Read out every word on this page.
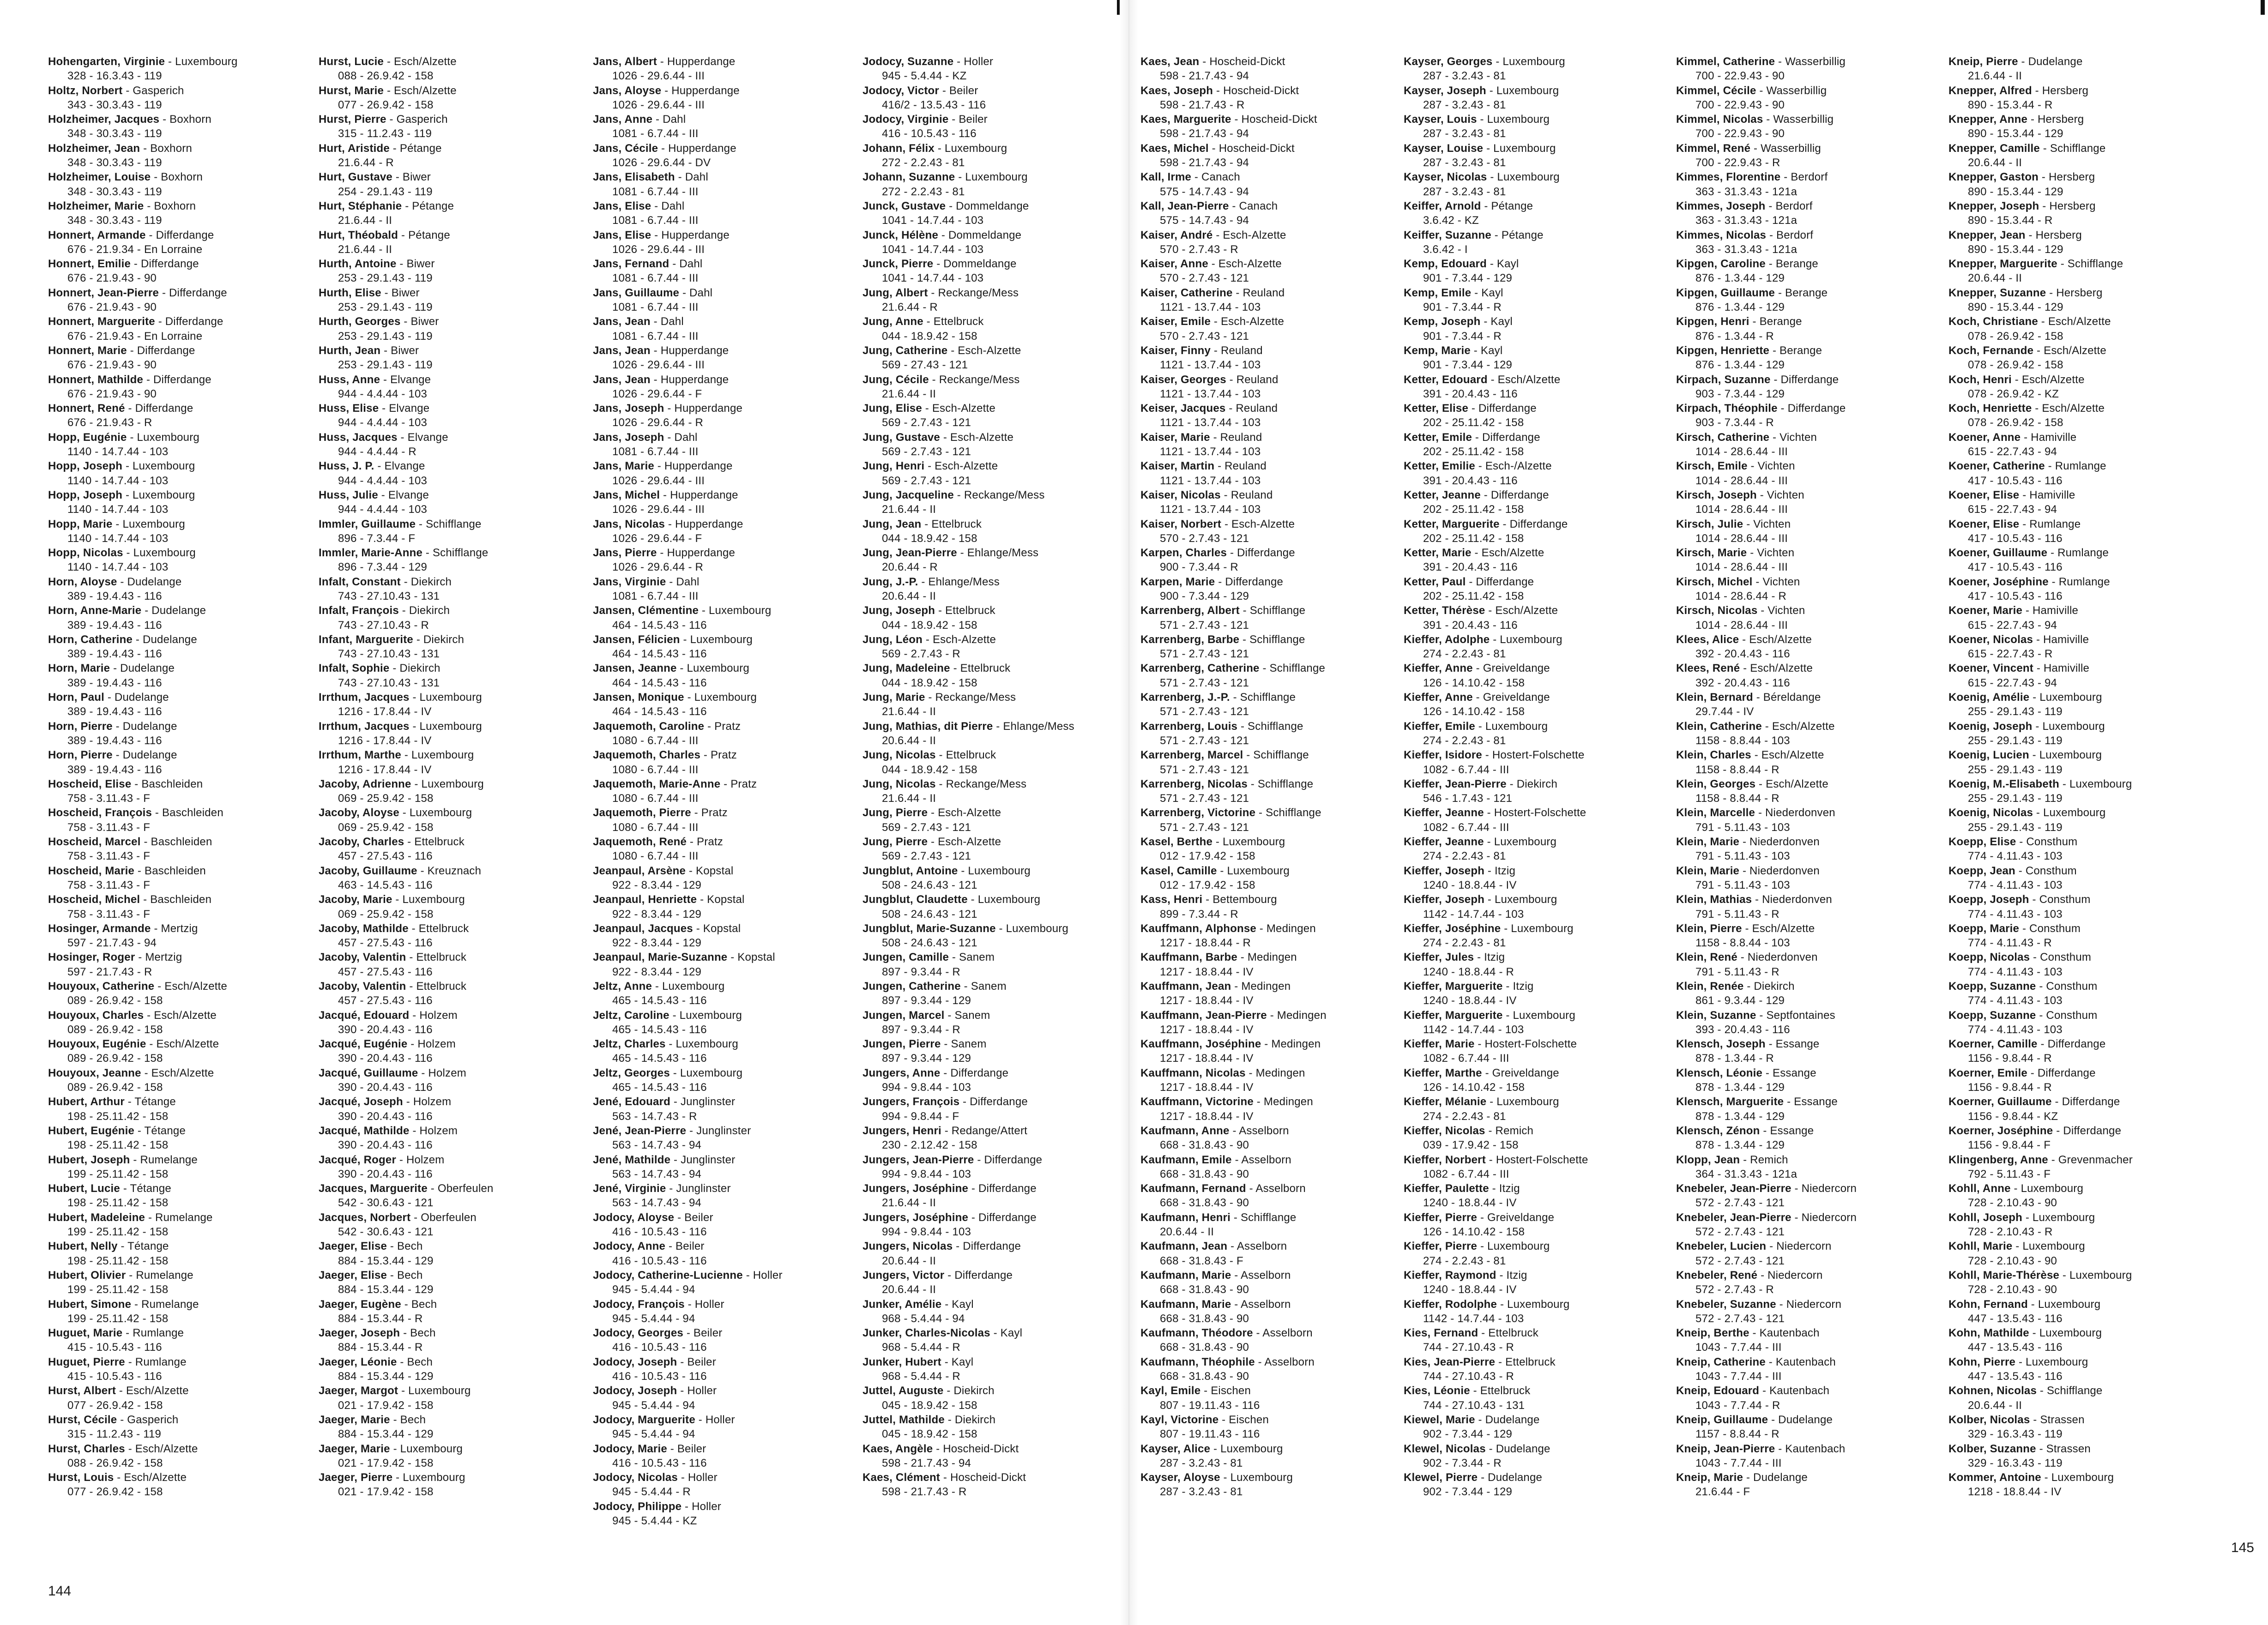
Hohengarten, Virginie - Luxembourg
328 - 16.3.43 - 119
Holtz, Norbert - Gasperich
343 - 30.3.43 - 119
Holzheimer, Jacques - Boxhorn
348 - 30.3.43 - 119
Holzheimer, Jean - Boxhorn
348 - 30.3.43 - 119
Holzheimer, Louise - Boxhorn
348 - 30.3.43 - 119
Holzheimer, Marie - Boxhorn
348 - 30.3.43 - 119
Honnert, Armande - Differdange
676 - 21.9.34 - En Lorraine
Honnert, Emilie - Differdange
676 - 21.9.43 - 90
Honnert, Jean-Pierre - Differdange
676 - 21.9.43 - 90
Honnert, Marguerite - Differdange
676 - 21.9.43 - En Lorraine
Honnert, Marie - Differdange
676 - 21.9.43 - 90
Honnert, Mathilde - Differdange
676 - 21.9.43 - 90
Honnert, René - Differdange
676 - 21.9.43 - R
Hopp, Eugénie - Luxembourg
1140 - 14.7.44 - 103
Hopp, Joseph - Luxembourg
1140 - 14.7.44 - 103
Hopp, Joseph - Luxembourg
1140 - 14.7.44 - 103
Hopp, Marie - Luxembourg
1140 - 14.7.44 - 103
Hopp, Nicolas - Luxembourg
1140 - 14.7.44 - 103
Horn, Aloyse - Dudelange
389 - 19.4.43 - 116
Horn, Anne-Marie - Dudelange
389 - 19.4.43 - 116
Horn, Catherine - Dudelange
389 - 19.4.43 - 116
Horn, Marie - Dudelange
389 - 19.4.43 - 116
Horn, Paul - Dudelange
389 - 19.4.43 - 116
Horn, Pierre - Dudelange
389 - 19.4.43 - 116
Horn, Pierre - Dudelange
389 - 19.4.43 - 116
Hoscheid, Elise - Baschleiden
758 - 3.11.43 - F
Hoscheid, François - Baschleiden
758 - 3.11.43 - F
Hoscheid, Marcel - Baschleiden
758 - 3.11.43 - F
Hoscheid, Marie - Baschleiden
758 - 3.11.43 - F
Hoscheid, Michel - Baschleiden
758 - 3.11.43 - F
Hosinger, Armande - Mertzig
597 - 21.7.43 - 94
Hosinger, Roger - Mertzig
597 - 21.7.43 - R
Houyoux, Catherine - Esch/Alzette
089 - 26.9.42 - 158
Houyoux, Charles - Esch/Alzette
089 - 26.9.42 - 158
Houyoux, Eugénie - Esch/Alzette
089 - 26.9.42 - 158
Houyoux, Jeanne - Esch/Alzette
089 - 26.9.42 - 158
Hubert, Arthur - Tétange
198 - 25.11.42 - 158
Hubert, Eugénie - Tétange
198 - 25.11.42 - 158
Hubert, Joseph - Rumelange
199 - 25.11.42 - 158
Hubert, Lucie - Tétange
198 - 25.11.42 - 158
Hubert, Madeleine - Rumelange
199 - 25.11.42 - 158
Hubert, Nelly - Tétange
198 - 25.11.42 - 158
Hubert, Olivier - Rumelange
199 - 25.11.42 - 158
Hubert, Simone - Rumelange
199 - 25.11.42 - 158
Huguet, Marie - Rumlange
415 - 10.5.43 - 116
Huguet, Pierre - Rumlange
415 - 10.5.43 - 116
Hurst, Albert - Esch/Alzette
077 - 26.9.42 - 158
Hurst, Cécile - Gasperich
315 - 11.2.43 - 119
Hurst, Charles - Esch/Alzette
088 - 26.9.42 - 158
Hurst, Louis - Esch/Alzette
077 - 26.9.42 - 158
Hurst, Lucie - Esch/Alzette
088 - 26.9.42 - 158
Hurst, Marie - Esch/Alzette
077 - 26.9.42 - 158
Hurst, Pierre - Gasperich
315 - 11.2.43 - 119
Hurt, Aristide - Pétange
21.6.44 - R
Hurt, Gustave - Biwer
254 - 29.1.43 - 119
Hurt, Stéphanie - Pétange
21.6.44 - II
Hurt, Théobald - Pétange
21.6.44 - II
Hurth, Antoine - Biwer
253 - 29.1.43 - 119
Hurth, Elise - Biwer
253 - 29.1.43 - 119
Hurth, Georges - Biwer
253 - 29.1.43 - 119
Hurth, Jean - Biwer
253 - 29.1.43 - 119
Huss, Anne - Elvange
944 - 4.4.44 - 103
Huss, Elise - Elvange
944 - 4.4.44 - 103
Huss, Jacques - Elvange
944 - 4.4.44 - R
Huss, J. P. - Elvange
944 - 4.4.44 - 103
Huss, Julie - Elvange
944 - 4.4.44 - 103
Immler, Guillaume - Schifflange
896 - 7.3.44 - F
Immler, Marie-Anne - Schifflange
896 - 7.3.44 - 129
Infalt, Constant - Diekirch
743 - 27.10.43 - 131
Infalt, François - Diekirch
743 - 27.10.43 - R
Infant, Marguerite - Diekirch
743 - 27.10.43 - 131
Infalt, Sophie - Diekirch
743 - 27.10.43 - 131
Irrthum, Jacques - Luxembourg
1216 - 17.8.44 - IV
Irrthum, Jacques - Luxembourg
1216 - 17.8.44 - IV
Irrthum, Marthe - Luxembourg
1216 - 17.8.44 - IV
Jacoby, Adrienne - Luxembourg
069 - 25.9.42 - 158
Jacoby, Aloyse - Luxembourg
069 - 25.9.42 - 158
Jacoby, Charles - Ettelbruck
457 - 27.5.43 - 116
Jacoby, Guillaume - Kreuznach
463 - 14.5.43 - 116
Jacoby, Marie - Luxembourg
069 - 25.9.42 - 158
Jacoby, Mathilde - Ettelbruck
457 - 27.5.43 - 116
Jacoby, Valentin - Ettelbruck
457 - 27.5.43 - 116
Jacoby, Valentin - Ettelbruck
457 - 27.5.43 - 116
Jacqué, Edouard - Holzem
390 - 20.4.43 - 116
Jacqué, Eugénie - Holzem
390 - 20.4.43 - 116
Jacqué, Guillaume - Holzem
390 - 20.4.43 - 116
Jacqué, Joseph - Holzem
390 - 20.4.43 - 116
Jacqué, Mathilde - Holzem
390 - 20.4.43 - 116
Jacqué, Roger - Holzem
390 - 20.4.43 - 116
Jacques, Marguerite - Oberfeulen
542 - 30.6.43 - 121
Jacques, Norbert - Oberfeulen
542 - 30.6.43 - 121
Jaeger, Elise - Bech
884 - 15.3.44 - 129
Jaeger, Elise - Bech
884 - 15.3.44 - 129
Jaeger, Eugène - Bech
884 - 15.3.44 - R
Jaeger, Joseph - Bech
884 - 15.3.44 - R
Jaeger, Léonie - Bech
884 - 15.3.44 - 129
Jaeger, Margot - Luxembourg
021 - 17.9.42 - 158
Jaeger, Marie - Bech
884 - 15.3.44 - 129
Jaeger, Marie - Luxembourg
021 - 17.9.42 - 158
Jaeger, Pierre - Luxembourg
021 - 17.9.42 - 158
Jans, Albert - Hupperdange
1026 - 29.6.44 - III
Jans, Aloyse - Hupperdange
1026 - 29.6.44 - III
Jans, Anne - Dahl
1081 - 6.7.44 - III
Jans, Cécile - Hupperdange
1026 - 29.6.44 - DV
Jans, Elisabeth - Dahl
1081 - 6.7.44 - III
Jans, Elise - Dahl
1081 - 6.7.44 - III
Jans, Elise - Hupperdange
1026 - 29.6.44 - III
Jans, Fernand - Dahl
1081 - 6.7.44 - III
Jans, Guillaume - Dahl
1081 - 6.7.44 - III
Jans, Jean - Dahl
1081 - 6.7.44 - III
Jans, Jean - Hupperdange
1026 - 29.6.44 - III
Jans, Jean - Hupperdange
1026 - 29.6.44 - F
Jans, Joseph - Hupperdange
1026 - 29.6.44 - R
Jans, Joseph - Dahl
1081 - 6.7.44 - III
Jans, Marie - Hupperdange
1026 - 29.6.44 - III
Jans, Michel - Hupperdange
1026 - 29.6.44 - III
Jans, Nicolas - Hupperdange
1026 - 29.6.44 - F
Jans, Pierre - Hupperdange
1026 - 29.6.44 - R
Jans, Virginie - Dahl
1081 - 6.7.44 - III
Jansen, Clémentine - Luxembourg
464 - 14.5.43 - 116
Jansen, Félicien - Luxembourg
464 - 14.5.43 - 116
Jansen, Jeanne - Luxembourg
464 - 14.5.43 - 116
Jansen, Monique - Luxembourg
464 - 14.5.43 - 116
Jaquemoth, Caroline - Pratz
1080 - 6.7.44 - III
Jaquemoth, Charles - Pratz
1080 - 6.7.44 - III
Jaquemoth, Marie-Anne - Pratz
1080 - 6.7.44 - III
Jaquemoth, Pierre - Pratz
1080 - 6.7.44 - III
Jaquemoth, René - Pratz
1080 - 6.7.44 - III
Jeanpaul, Arsène - Kopstal
922 - 8.3.44 - 129
Jeanpaul, Henriette - Kopstal
922 - 8.3.44 - 129
Jeanpaul, Jacques - Kopstal
922 - 8.3.44 - 129
Jeanpaul, Marie-Suzanne - Kopstal
922 - 8.3.44 - 129
Jeltz, Anne - Luxembourg
465 - 14.5.43 - 116
Jeltz, Caroline - Luxembourg
465 - 14.5.43 - 116
Jeltz, Charles - Luxembourg
465 - 14.5.43 - 116
Jeltz, Georges - Luxembourg
465 - 14.5.43 - 116
Jené, Edouard - Junglinster
563 - 14.7.43 - R
Jené, Jean-Pierre - Junglinster
563 - 14.7.43 - 94
Jené, Mathilde - Junglinster
563 - 14.7.43 - 94
Jené, Virginie - Junglinster
563 - 14.7.43 - 94
Jodocy, Aloyse - Beiler
416 - 10.5.43 - 116
Jodocy, Anne - Beiler
416 - 10.5.43 - 116
Jodocy, Catherine-Lucienne - Holler
945 - 5.4.44 - 94
Jodocy, François - Holler
945 - 5.4.44 - 94
Jodocy, Georges - Beiler
416 - 10.5.43 - 116
Jodocy, Joseph - Beiler
416 - 10.5.43 - 116
Jodocy, Joseph - Holler
945 - 5.4.44 - 94
Jodocy, Marguerite - Holler
945 - 5.4.44 - 94
Jodocy, Marie - Beiler
416 - 10.5.43 - 116
Jodocy, Nicolas - Holler
945 - 5.4.44 - R
Jodocy, Philippe - Holler
945 - 5.4.44 - KZ
Jodocy, Suzanne - Holler
945 - 5.4.44 - KZ
Jodocy, Victor - Beiler
416/2 - 13.5.43 - 116
Jodocy, Virginie - Beiler
416 - 10.5.43 - 116
Johann, Félix - Luxembourg
272 - 2.2.43 - 81
Johann, Suzanne - Luxembourg
272 - 2.2.43 - 81
Junck, Gustave - Dommeldange
1041 - 14.7.44 - 103
Junck, Hélène - Dommeldange
1041 - 14.7.44 - 103
Junck, Pierre - Dommeldange
1041 - 14.7.44 - 103
Jung, Albert - Reckange/Mess
21.6.44 - R
Jung, Anne - Ettelbruck
044 - 18.9.42 - 158
Jung, Catherine - Esch-Alzette
569 - 27.43 - 121
Jung, Cécile - Reckange/Mess
21.6.44 - II
Jung, Elise - Esch-Alzette
569 - 2.7.43 - 121
Jung, Gustave - Esch-Alzette
569 - 2.7.43 - 121
Jung, Henri - Esch-Alzette
569 - 2.7.43 - 121
Jung, Jacqueline - Reckange/Mess
21.6.44 - II
Jung, Jean - Ettelbruck
044 - 18.9.42 - 158
Jung, Jean-Pierre - Ehlange/Mess
20.6.44 - R
Jung, J.-P. - Ehlange/Mess
20.6.44 - II
Jung, Joseph - Ettelbruck
044 - 18.9.42 - 158
Jung, Léon - Esch-Alzette
569 - 2.7.43 - R
Jung, Madeleine - Ettelbruck
044 - 18.9.42 - 158
Jung, Marie - Reckange/Mess
21.6.44 - II
Jung, Mathias, dit Pierre - Ehlange/Mess
20.6.44 - II
Jung, Nicolas - Ettelbruck
044 - 18.9.42 - 158
Jung, Nicolas - Reckange/Mess
21.6.44 - II
Jung, Pierre - Esch-Alzette
569 - 2.7.43 - 121
Jung, Pierre - Esch-Alzette
569 - 2.7.43 - 121
Jungblut, Antoine - Luxembourg
508 - 24.6.43 - 121
Jungblut, Claudette - Luxembourg
508 - 24.6.43 - 121
Jungblut, Marie-Suzanne - Luxembourg
508 - 24.6.43 - 121
Jungen, Camille - Sanem
897 - 9.3.44 - R
Jungen, Catherine - Sanem
897 - 9.3.44 - 129
Jungen, Marcel - Sanem
897 - 9.3.44 - R
Jungen, Pierre - Sanem
897 - 9.3.44 - 129
Jungers, Anne - Differdange
994 - 9.8.44 - 103
Jungers, François - Differdange
994 - 9.8.44 - F
Jungers, Henri - Redange/Attert
230 - 2.12.42 - 158
Jungers, Jean-Pierre - Differdange
994 - 9.8.44 - 103
Jungers, Joséphine - Differdange
21.6.44 - II
Jungers, Joséphine - Differdange
994 - 9.8.44 - 103
Jungers, Nicolas - Differdange
20.6.44 - II
Jungers, Victor - Differdange
20.6.44 - II
Junker, Amélie - Kayl
968 - 5.4.44 - 94
Junker, Charles-Nicolas - Kayl
968 - 5.4.44 - R
Junker, Hubert - Kayl
968 - 5.4.44 - R
Juttel, Auguste - Diekirch
045 - 18.9.42 - 158
Juttel, Mathilde - Diekirch
045 - 18.9.42 - 158
Kaes, Angèle - Hoscheid-Dickt
598 - 21.7.43 - 94
Kaes, Clément - Hoscheid-Dickt
598 - 21.7.43 - R
144
Kaes, Jean - Hoscheid-Dickt
598 - 21.7.43 - 94
Kaes, Joseph - Hoscheid-Dickt
598 - 21.7.43 - R
Kaes, Marguerite - Hoscheid-Dickt
598 - 21.7.43 - 94
Kaes, Michel - Hoscheid-Dickt
598 - 21.7.43 - 94
Kall, Irme - Canach
575 - 14.7.43 - 94
Kall, Jean-Pierre - Canach
575 - 14.7.43 - 94
Kaiser, André - Esch-Alzette
570 - 2.7.43 - R
Kaiser, Anne - Esch-Alzette
570 - 2.7.43 - 121
Kaiser, Catherine - Reuland
1121 - 13.7.44 - 103
Kaiser, Emile - Esch-Alzette
570 - 2.7.43 - 121
Kaiser, Finny - Reuland
1121 - 13.7.44 - 103
Kaiser, Georges - Reuland
1121 - 13.7.44 - 103
Keiser, Jacques - Reuland
1121 - 13.7.44 - 103
Kaiser, Marie - Reuland
1121 - 13.7.44 - 103
Kaiser, Martin - Reuland
1121 - 13.7.44 - 103
Kaiser, Nicolas - Reuland
1121 - 13.7.44 - 103
Kaiser, Norbert - Esch-Alzette
570 - 2.7.43 - 121
Karpen, Charles - Differdange
900 - 7.3.44 - R
Karpen, Marie - Differdange
900 - 7.3.44 - 129
Karrenberg, Albert - Schifflange
571 - 2.7.43 - 121
Karrenberg, Barbe - Schifflange
571 - 2.7.43 - 121
Karrenberg, Catherine - Schifflange
571 - 2.7.43 - 121
Karrenberg, J.-P. - Schifflange
571 - 2.7.43 - 121
Karrenberg, Louis - Schifflange
571 - 2.7.43 - 121
Karrenberg, Marcel - Schifflange
571 - 2.7.43 - 121
Karrenberg, Nicolas - Schifflange
571 - 2.7.43 - 121
Karrenberg, Victorine - Schifflange
571 - 2.7.43 - 121
Kasel, Berthe - Luxembourg
012 - 17.9.42 - 158
Kasel, Camille - Luxembourg
012 - 17.9.42 - 158
Kass, Henri - Bettembourg
899 - 7.3.44 - R
Kauffmann, Alphonse - Medingen
1217 - 18.8.44 - R
Kauffmann, Barbe - Medingen
1217 - 18.8.44 - IV
Kauffmann, Jean - Medingen
1217 - 18.8.44 - IV
Kauffmann, Jean-Pierre - Medingen
1217 - 18.8.44 - IV
Kauffmann, Joséphine - Medingen
1217 - 18.8.44 - IV
Kauffmann, Nicolas - Medingen
1217 - 18.8.44 - IV
Kauffmann, Victorine - Medingen
1217 - 18.8.44 - IV
Kaufmann, Anne - Asselborn
668 - 31.8.43 - 90
Kaufmann, Emile - Asselborn
668 - 31.8.43 - 90
Kaufmann, Fernand - Asselborn
668 - 31.8.43 - 90
Kaufmann, Henri - Schifflange
20.6.44 - II
Kaufmann, Jean - Asselborn
668 - 31.8.43 - F
Kaufmann, Marie - Asselborn
668 - 31.8.43 - 90
Kaufmann, Marie - Asselborn
668 - 31.8.43 - 90
Kaufmann, Théodore - Asselborn
668 - 31.8.43 - 90
Kaufmann, Théophile - Asselborn
668 - 31.8.43 - 90
Kayl, Emile - Eischen
807 - 19.11.43 - 116
Kayl, Victorine - Eischen
807 - 19.11.43 - 116
Kayser, Alice - Luxembourg
287 - 3.2.43 - 81
Kayser, Aloyse - Luxembourg
287 - 3.2.43 - 81
Kayser, Georges - Luxembourg
287 - 3.2.43 - 81
Kayser, Joseph - Luxembourg
287 - 3.2.43 - 81
Kayser, Louis - Luxembourg
287 - 3.2.43 - 81
Kayser, Louise - Luxembourg
287 - 3.2.43 - 81
Kayser, Nicolas - Luxembourg
287 - 3.2.43 - 81
Keiffer, Arnold - Pétange
3.6.42 - KZ
Keiffer, Suzanne - Pétange
3.6.42 - I
Kemp, Edouard - Kayl
901 - 7.3.44 - 129
Kemp, Emile - Kayl
901 - 7.3.44 - R
Kemp, Joseph - Kayl
901 - 7.3.44 - R
Kemp, Marie - Kayl
901 - 7.3.44 - 129
Ketter, Edouard - Esch/Alzette
391 - 20.4.43 - 116
Ketter, Elise - Differdange
202 - 25.11.42 - 158
Ketter, Emile - Differdange
202 - 25.11.42 - 158
Ketter, Emilie - Esch-/Alzette
391 - 20.4.43 - 116
Ketter, Jeanne - Differdange
202 - 25.11.42 - 158
Ketter, Marguerite - Differdange
202 - 25.11.42 - 158
Ketter, Marie - Esch/Alzette
391 - 20.4.43 - 116
Ketter, Paul - Differdange
202 - 25.11.42 - 158
Ketter, Thérèse - Esch/Alzette
391 - 20.4.43 - 116
Kieffer, Adolphe - Luxembourg
274 - 2.2.43 - 81
Kieffer, Anne - Greiveldange
126 - 14.10.42 - 158
Kieffer, Anne - Greiveldange
126 - 14.10.42 - 158
Kieffer, Emile - Luxembourg
274 - 2.2.43 - 81
Kieffer, Isidore - Hostert-Folschette
1082 - 6.7.44 - III
Kieffer, Jean-Pierre - Diekirch
546 - 1.7.43 - 121
Kieffer, Jeanne - Hostert-Folschette
1082 - 6.7.44 - III
Kieffer, Jeanne - Luxembourg
274 - 2.2.43 - 81
Kieffer, Joseph - Itzig
1240 - 18.8.44 - IV
Kieffer, Joseph - Luxembourg
1142 - 14.7.44 - 103
Kieffer, Joséphine - Luxembourg
274 - 2.2.43 - 81
Kieffer, Jules - Itzig
1240 - 18.8.44 - R
Kieffer, Marguerite - Itzig
1240 - 18.8.44 - IV
Kieffer, Marguerite - Luxembourg
1142 - 14.7.44 - 103
Kieffer, Marie - Hostert-Folschette
1082 - 6.7.44 - III
Kieffer, Marthe - Greiveldange
126 - 14.10.42 - 158
Kieffer, Mélanie - Luxembourg
274 - 2.2.43 - 81
Kieffer, Nicolas - Remich
039 - 17.9.42 - 158
Kieffer, Norbert - Hostert-Folschette
1082 - 6.7.44 - III
Kieffer, Paulette - Itzig
1240 - 18.8.44 - IV
Kieffer, Pierre - Greiveldange
126 - 14.10.42 - 158
Kieffer, Pierre - Luxembourg
274 - 2.2.43 - 81
Kieffer, Raymond - Itzig
1240 - 18.8.44 - IV
Kieffer, Rodolphe - Luxembourg
1142 - 14.7.44 - 103
Kies, Fernand - Ettelbruck
744 - 27.10.43 - R
Kies, Jean-Pierre - Ettelbruck
744 - 27.10.43 - R
Kies, Léonie - Ettelbruck
744 - 27.10.43 - 131
Kiewel, Marie - Dudelange
902 - 7.3.44 - 129
Klewel, Nicolas - Dudelange
902 - 7.3.44 - R
Klewel, Pierre - Dudelange
902 - 7.3.44 - 129
Kimmel, Catherine - Wasserbillig
700 - 22.9.43 - 90
Kimmel, Cécile - Wasserbillig
700 - 22.9.43 - 90
Kimmel, Nicolas - Wasserbillig
700 - 22.9.43 - 90
Kimmel, René - Wasserbillig
700 - 22.9.43 - R
Kimmes, Florentine - Berdorf
363 - 31.3.43 - 121a
Kimmes, Joseph - Berdorf
363 - 31.3.43 - 121a
Kimmes, Nicolas - Berdorf
363 - 31.3.43 - 121a
Kipgen, Caroline - Berange
876 - 1.3.44 - 129
Kipgen, Guillaume - Berange
876 - 1.3.44 - 129
Kipgen, Henri - Berange
876 - 1.3.44 - R
Kipgen, Henriette - Berange
876 - 1.3.44 - 129
Kirpach, Suzanne - Differdange
903 - 7.3.44 - 129
Kirpach, Théophile - Differdange
903 - 7.3.44 - R
Kirsch, Catherine - Vichten
1014 - 28.6.44 - III
Kirsch, Emile - Vichten
1014 - 28.6.44 - III
Kirsch, Joseph - Vichten
1014 - 28.6.44 - III
Kirsch, Julie - Vichten
1014 - 28.6.44 - III
Kirsch, Marie - Vichten
1014 - 28.6.44 - III
Kirsch, Michel - Vichten
1014 - 28.6.44 - R
Kirsch, Nicolas - Vichten
1014 - 28.6.44 - III
Klees, Alice - Esch/Alzette
392 - 20.4.43 - 116
Klees, René - Esch/Alzette
392 - 20.4.43 - 116
Klein, Bernard - Béreldange
29.7.44 - IV
Klein, Catherine - Esch/Alzette
1158 - 8.8.44 - 103
Klein, Charles - Esch/Alzette
1158 - 8.8.44 - R
Klein, Georges - Esch/Alzette
1158 - 8.8.44 - R
Klein, Marcelle - Niederdonven
791 - 5.11.43 - 103
Klein, Marie - Niederdonven
791 - 5.11.43 - 103
Klein, Marie - Niederdonven
791 - 5.11.43 - 103
Klein, Mathias - Niederdonven
791 - 5.11.43 - R
Klein, Pierre - Esch/Alzette
1158 - 8.8.44 - 103
Klein, René - Niederdonven
791 - 5.11.43 - R
Klein, Renée - Diekirch
861 - 9.3.44 - 129
Klein, Suzanne - Septfontaines
393 - 20.4.43 - 116
Klensch, Joseph - Essange
878 - 1.3.44 - R
Klensch, Léonie - Essange
878 - 1.3.44 - 129
Klensch, Marguerite - Essange
878 - 1.3.44 - 129
Klensch, Zénon - Essange
878 - 1.3.44 - 129
Klopp, Jean - Remich
364 - 31.3.43 - 121a
Knebeler, Jean-Pierre - Niedercorn
572 - 2.7.43 - 121
Knebeler, Jean-Pierre - Niedercorn
572 - 2.7.43 - 121
Knebeler, Lucien - Niedercorn
572 - 2.7.43 - 121
Knebeler, René - Niedercorn
572 - 2.7.43 - R
Knebeler, Suzanne - Niedercorn
572 - 2.7.43 - 121
Kneip, Berthe - Kautenbach
1043 - 7.7.44 - III
Kneip, Catherine - Kautenbach
1043 - 7.7.44 - III
Kneip, Edouard - Kautenbach
1043 - 7.7.44 - R
Kneip, Guillaume - Dudelange
1157 - 8.8.44 - R
Kneip, Jean-Pierre - Kautenbach
1043 - 7.7.44 - III
Kneip, Marie - Dudelange
21.6.44 - F
Kneip, Pierre - Dudelange
21.6.44 - II
Knepper, Alfred - Hersberg
890 - 15.3.44 - R
Knepper, Anne - Hersberg
890 - 15.3.44 - 129
Knepper, Camille - Schifflange
20.6.44 - II
Knepper, Gaston - Hersberg
890 - 15.3.44 - 129
Knepper, Joseph - Hersberg
890 - 15.3.44 - R
Knepper, Jean - Hersberg
890 - 15.3.44 - 129
Knepper, Marguerite - Schifflange
20.6.44 - II
Knepper, Suzanne - Hersberg
890 - 15.3.44 - 129
Koch, Christiane - Esch/Alzette
078 - 26.9.42 - 158
Koch, Fernande - Esch/Alzette
078 - 26.9.42 - 158
Koch, Henri - Esch/Alzette
078 - 26.9.42 - KZ
Koch, Henriette - Esch/Alzette
078 - 26.9.42 - 158
Koener, Anne - Hamiville
615 - 22.7.43 - 94
Koener, Catherine - Rumlange
417 - 10.5.43 - 116
Koener, Elise - Hamiville
615 - 22.7.43 - 94
Koener, Elise - Rumlange
417 - 10.5.43 - 116
Koener, Guillaume - Rumlange
417 - 10.5.43 - 116
Koener, Joséphine - Rumlange
417 - 10.5.43 - 116
Koener, Marie - Hamiville
615 - 22.7.43 - 94
Koener, Nicolas - Hamiville
615 - 22.7.43 - R
Koener, Vincent - Hamiville
615 - 22.7.43 - 94
Koenig, Amélie - Luxembourg
255 - 29.1.43 - 119
Koenig, Joseph - Luxembourg
255 - 29.1.43 - 119
Koenig, Lucien - Luxembourg
255 - 29.1.43 - 119
Koenig, M.-Elisabeth - Luxembourg
255 - 29.1.43 - 119
Koenig, Nicolas - Luxembourg
255 - 29.1.43 - 119
Koepp, Elise - Consthum
774 - 4.11.43 - 103
Koepp, Jean - Consthum
774 - 4.11.43 - 103
Koepp, Joseph - Consthum
774 - 4.11.43 - 103
Koepp, Marie - Consthum
774 - 4.11.43 - R
Koepp, Nicolas - Consthum
774 - 4.11.43 - 103
Koepp, Suzanne - Consthum
774 - 4.11.43 - 103
Koepp, Suzanne - Consthum
774 - 4.11.43 - 103
Koerner, Camille - Differdange
1156 - 9.8.44 - R
Koerner, Emile - Differdange
1156 - 9.8.44 - R
Koerner, Guillaume - Differdange
1156 - 9.8.44 - KZ
Koerner, Joséphine - Differdange
1156 - 9.8.44 - F
Klingenberg, Anne - Grevenmacher
792 - 5.11.43 - F
Kohll, Anne - Luxembourg
728 - 2.10.43 - 90
Kohll, Joseph - Luxembourg
728 - 2.10.43 - R
Kohll, Marie - Luxembourg
728 - 2.10.43 - 90
Kohll, Marie-Thérèse - Luxembourg
728 - 2.10.43 - 90
Kohn, Fernand - Luxembourg
447 - 13.5.43 - 116
Kohn, Mathilde - Luxembourg
447 - 13.5.43 - 116
Kohn, Pierre - Luxembourg
447 - 13.5.43 - 116
Kohnen, Nicolas - Schifflange
20.6.44 - II
Kolber, Nicolas - Strassen
329 - 16.3.43 - 119
Kolber, Suzanne - Strassen
329 - 16.3.43 - 119
Kommer, Antoine - Luxembourg
1218 - 18.8.44 - IV
145
